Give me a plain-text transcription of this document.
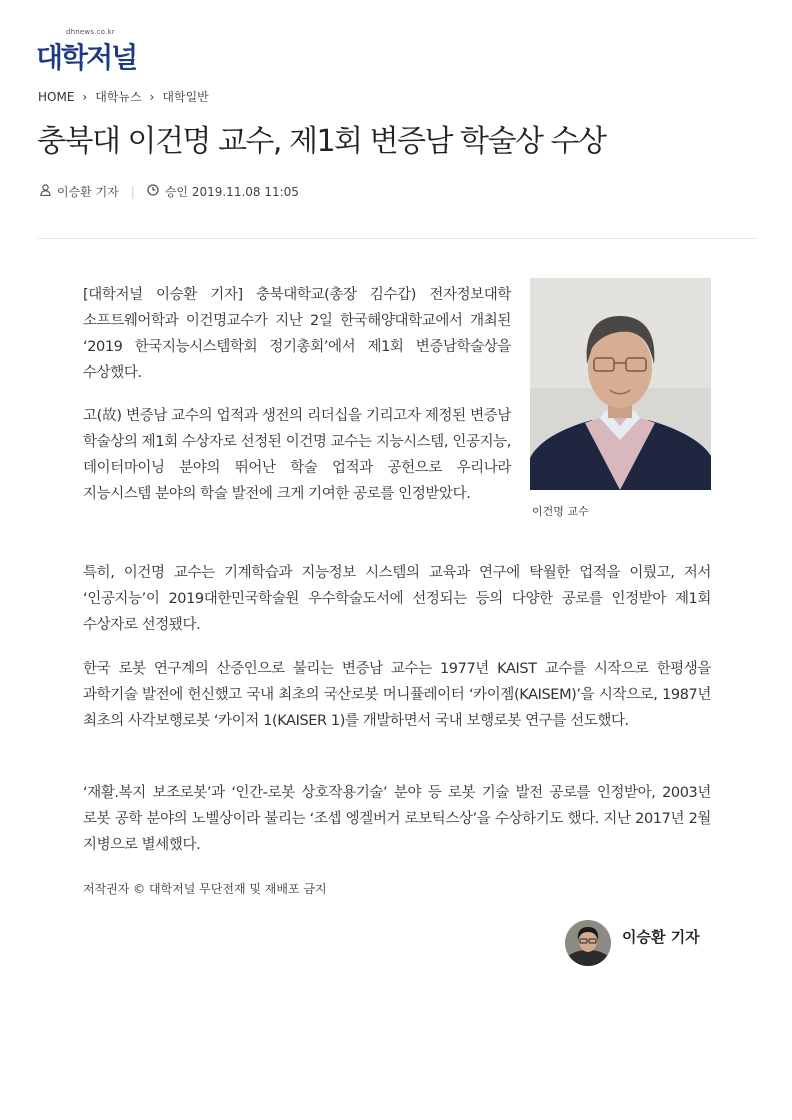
dhnews.co.kr
대학저널
HOME › 대학뉴스 › 대학일반
충북대 이건명 교수, 제1회 변증남 학술상 수상
이승환 기자 |	승인 2019.11.08 11:05
이건명 교수

[대학저널 이승환 기자] 충북대학교(총장 김수갑) 전자정보대학 소프트웨어학과 이건명교수가 지난 2일 한국해양대학교에서 개최된 ‘2019 한국지능시스템학회 정기총회’에서 제1회 변증남학술상을 수상했다.

고(故) 변증남 교수의 업적과 생전의 리더십을 기리고자 제정된 변증남 학술상의 제1회 수상자로 선정된 이건명 교수는 지능시스템, 인공지능, 데이터마이닝 분야의 뛰어난 학술 업적과 공헌으로 우리나라 지능시스템 분야의 학술 발전에 크게 기여한 공로를 인정받았다.

특히, 이건명 교수는 기계학습과 지능정보 시스템의 교육과 연구에 탁월한 업적을 이뤘고, 저서 ‘인공지능’이 2019대한민국학술원 우수학술도서에 선정되는 등의 다양한 공로를 인정받아 제1회 수상자로 선정됐다.

한국 로봇 연구계의 산증인으로 불리는 변증남 교수는 1977년 KAIST 교수를 시작으로 한평생을 과학기술 발전에 헌신했고 국내 최초의 국산로봇 머니퓰레이터 ‘카이젬(KAISEM)’을 시작으로, 1987년 최초의 사각보행로봇 ‘카이저 1(KAISER 1)를 개발하면서 국내 보행로봇 연구를 선도했다.

‘재활.복지 보조로봇’과 ‘인간-로봇 상호작용기술’ 분야 등 로봇 기술 발전 공로를 인정받아, 2003년 로봇 공학 분야의 노벨상이라 불리는 ‘조셉 엥겔버거 로보틱스상’을 수상하기도 했다. 지난 2017년 2월 지병으로 별세했다.

저작권자 © 대학저널 무단전재 및 재배포 금지
이승환 기자
